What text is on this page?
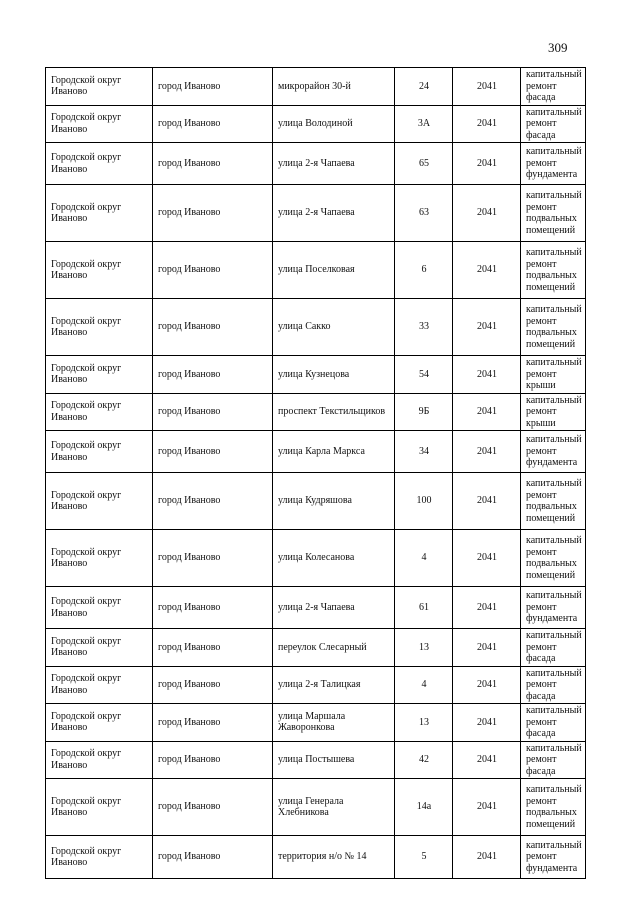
309
Городской округ Иваново	город Иваново	микрорайон 30-й	24	2041	капитальный ремонт фасада
Городской округ Иваново	город Иваново	улица Володиной	3А	2041	капитальный ремонт фасада
Городской округ Иваново	город Иваново	улица 2-я Чапаева	65	2041	капитальный ремонт фундамента
Городской округ Иваново	город Иваново	улица 2-я Чапаева	63	2041	капитальный ремонт подвальных помещений
Городской округ Иваново	город Иваново	улица Поселковая	6	2041	капитальный ремонт подвальных помещений
Городской округ Иваново	город Иваново	улица Сакко	33	2041	капитальный ремонт подвальных помещений
Городской округ Иваново	город Иваново	улица Кузнецова	54	2041	капитальный ремонт крыши
Городской округ Иваново	город Иваново	проспект Текстильщиков	9Б	2041	капитальный ремонт крыши
Городской округ Иваново	город Иваново	улица Карла Маркса	34	2041	капитальный ремонт фундамента
Городской округ Иваново	город Иваново	улица Кудряшова	100	2041	капитальный ремонт подвальных помещений
Городской округ Иваново	город Иваново	улица Колесанова	4	2041	капитальный ремонт подвальных помещений
Городской округ Иваново	город Иваново	улица 2-я Чапаева	61	2041	капитальный ремонт фундамента
Городской округ Иваново	город Иваново	переулок Слесарный	13	2041	капитальный ремонт фасада
Городской округ Иваново	город Иваново	улица 2-я Талицкая	4	2041	капитальный ремонт фасада
Городской округ Иваново	город Иваново	улица Маршала Жаворонкова	13	2041	капитальный ремонт фасада
Городской округ Иваново	город Иваново	улица Постышева	42	2041	капитальный ремонт фасада
Городской округ Иваново	город Иваново	улица Генерала Хлебникова	14а	2041	капитальный ремонт подвальных помещений
Городской округ Иваново	город Иваново	территория н/о № 14	5	2041	капитальный ремонт фундамента
